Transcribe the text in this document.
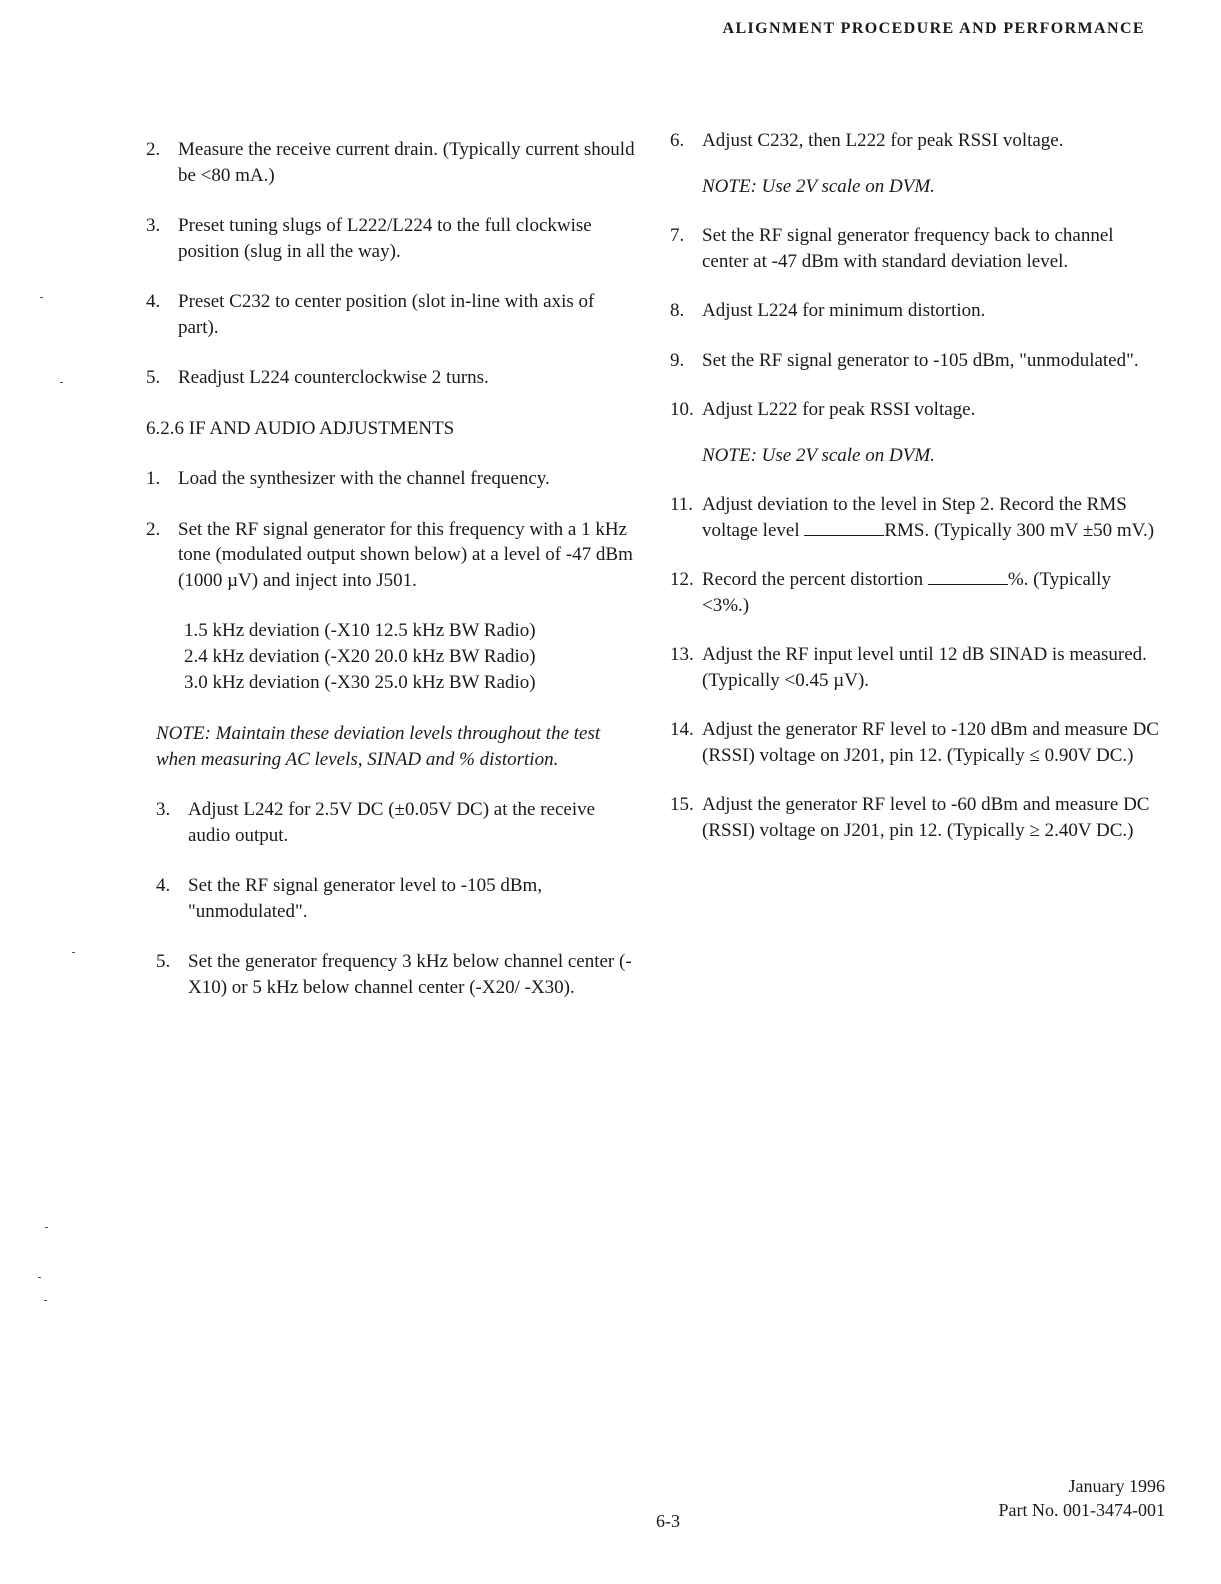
ALIGNMENT PROCEDURE AND PERFORMANCE
2. Measure the receive current drain. (Typically current should be <80 mA.)
3. Preset tuning slugs of L222/L224 to the full clockwise position (slug in all the way).
4. Preset C232 to center position (slot in-line with axis of part).
5. Readjust L224 counterclockwise 2 turns.
6.2.6 IF AND AUDIO ADJUSTMENTS
1. Load the synthesizer with the channel frequency.
2. Set the RF signal generator for this frequency with a 1 kHz tone (modulated output shown below) at a level of -47 dBm (1000 µV) and inject into J501.
1.5 kHz deviation (-X10 12.5 kHz BW Radio)
2.4 kHz deviation (-X20 20.0 kHz BW Radio)
3.0 kHz deviation (-X30 25.0 kHz BW Radio)
NOTE: Maintain these deviation levels throughout the test when measuring AC levels, SINAD and % distortion.
3. Adjust L242 for 2.5V DC (±0.05V DC) at the receive audio output.
4. Set the RF signal generator level to -105 dBm, "unmodulated".
5. Set the generator frequency 3 kHz below channel center (-X10) or 5 kHz below channel center (-X20/ -X30).
6. Adjust C232, then L222 for peak RSSI voltage.
NOTE: Use 2V scale on DVM.
7. Set the RF signal generator frequency back to channel center at -47 dBm with standard deviation level.
8. Adjust L224 for minimum distortion.
9. Set the RF signal generator to -105 dBm, "unmodulated".
10. Adjust L222 for peak RSSI voltage.
NOTE: Use 2V scale on DVM.
11. Adjust deviation to the level in Step 2. Record the RMS voltage level	RMS. (Typically 300 mV ±50 mV.)
12. Record the percent distortion	%. (Typically <3%.)
13. Adjust the RF input level until 12 dB SINAD is measured. (Typically <0.45 µV).
14. Adjust the generator RF level to -120 dBm and measure DC (RSSI) voltage on J201, pin 12. (Typically ≤ 0.90V DC.)
15. Adjust the generator RF level to -60 dBm and measure DC (RSSI) voltage on J201, pin 12. (Typically ≥ 2.40V DC.)
6-3
January 1996
Part No. 001-3474-001
